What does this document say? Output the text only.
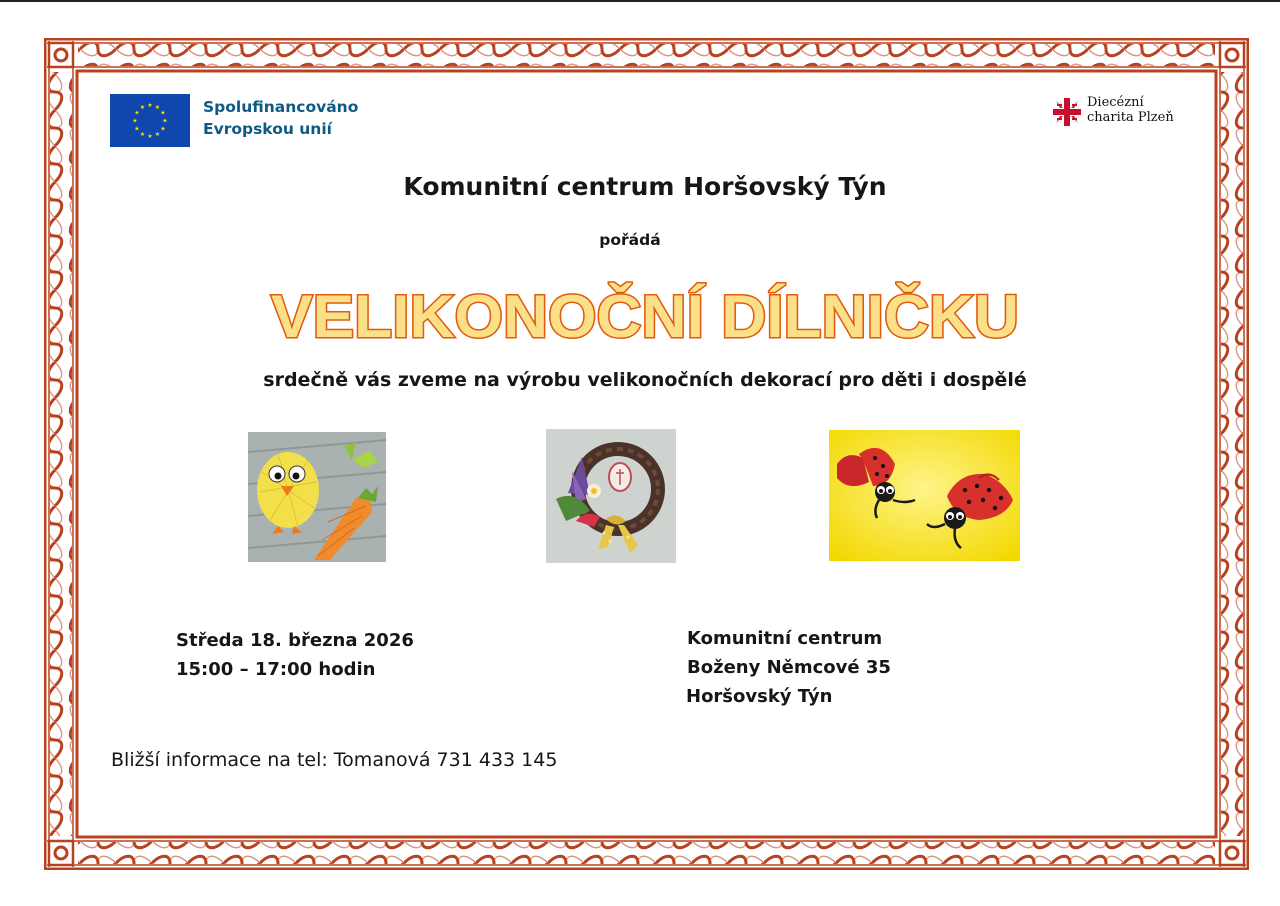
★ ★
★
★
★
★
★
★
★
★
★
★	Spolufinancováno
Evropskou unií
Diecézní
charita Plzeň
Komunitní centrum Horšovský Týn
pořádá
VELIKONOČNÍ DÍLNIČKU
srdečně vás zveme na výrobu velikonočních dekorací pro děti i dospělé
Středa 18. března 2026
15:00 – 17:00 hodin
Komunitní centrum
Boženy Němcové 35
Horšovský Týn
Bližší informace na tel: Tomanová 731 433 145
